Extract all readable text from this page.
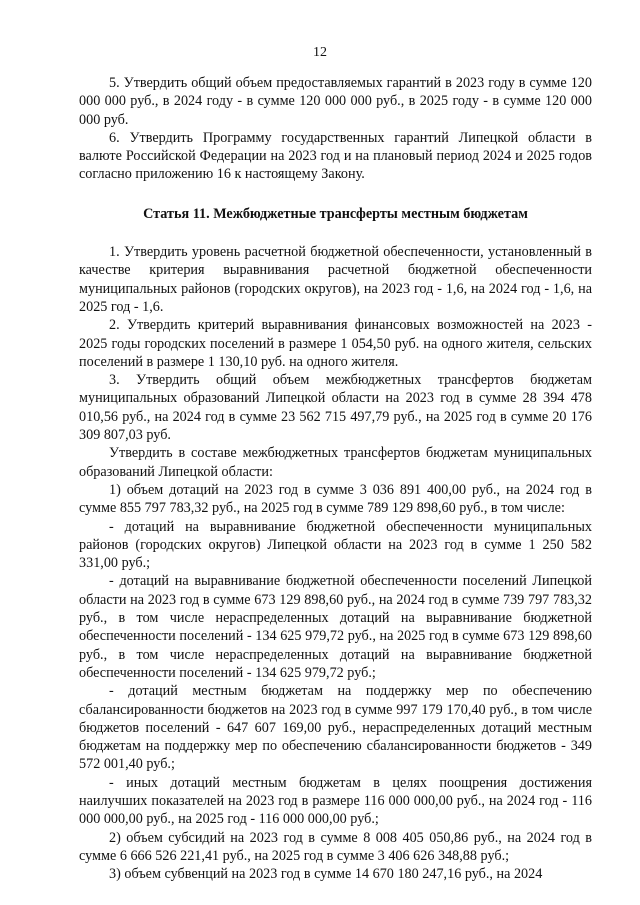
12

5. Утвердить общий объем предоставляемых гарантий в 2023 году в сумме 120 000 000 руб., в 2024 году - в сумме 120 000 000 руб., в 2025 году - в сумме 120 000 000 руб.

6. Утвердить Программу государственных гарантий Липецкой области в валюте Российской Федерации на 2023 год и на плановый период 2024 и 2025 годов согласно приложению 16 к настоящему Закону.

Статья 11. Межбюджетные трансферты местным бюджетам

1. Утвердить уровень расчетной бюджетной обеспеченности, установленный в качестве критерия выравнивания расчетной бюджетной обеспеченности муниципальных районов (городских округов), на 2023 год - 1,6, на 2024 год - 1,6, на 2025 год - 1,6.

2. Утвердить критерий выравнивания финансовых возможностей на 2023 - 2025 годы городских поселений в размере 1 054,50 руб. на одного жителя, сельских поселений в размере 1 130,10 руб. на одного жителя.

3. Утвердить общий объем межбюджетных трансфертов бюджетам муниципальных образований Липецкой области на 2023 год в сумме 28 394 478 010,56 руб., на 2024 год в сумме 23 562 715 497,79 руб., на 2025 год в сумме 20 176 309 807,03 руб.

Утвердить в составе межбюджетных трансфертов бюджетам муниципальных образований Липецкой области:

1) объем дотаций на 2023 год в сумме 3 036 891 400,00 руб., на 2024 год в сумме 855 797 783,32 руб., на 2025 год в сумме 789 129 898,60 руб., в том числе:

- дотаций на выравнивание бюджетной обеспеченности муниципальных районов (городских округов) Липецкой области на 2023 год в сумме 1 250 582 331,00 руб.;

- дотаций на выравнивание бюджетной обеспеченности поселений Липецкой области на 2023 год в сумме 673 129 898,60 руб., на 2024 год в сумме 739 797 783,32 руб., в том числе нераспределенных дотаций на выравнивание бюджетной обеспеченности поселений - 134 625 979,72 руб., на 2025 год в сумме 673 129 898,60 руб., в том числе нераспределенных дотаций на выравнивание бюджетной обеспеченности поселений - 134 625 979,72 руб.;

- дотаций местным бюджетам на поддержку мер по обеспечению сбалансированности бюджетов на 2023 год в сумме 997 179 170,40 руб., в том числе бюджетов поселений - 647 607 169,00 руб., нераспределенных дотаций местным бюджетам на поддержку мер по обеспечению сбалансированности бюджетов - 349 572 001,40 руб.;

- иных дотаций местным бюджетам в целях поощрения достижения наилучших показателей на 2023 год в размере 116 000 000,00 руб., на 2024 год - 116 000 000,00 руб., на 2025 год - 116 000 000,00 руб.;

2) объем субсидий на 2023 год в сумме 8 008 405 050,86 руб., на 2024 год в сумме 6 666 526 221,41 руб., на 2025 год в сумме 3 406 626 348,88 руб.;

3) объем субвенций на 2023 год в сумме 14 670 180 247,16 руб., на 2024
